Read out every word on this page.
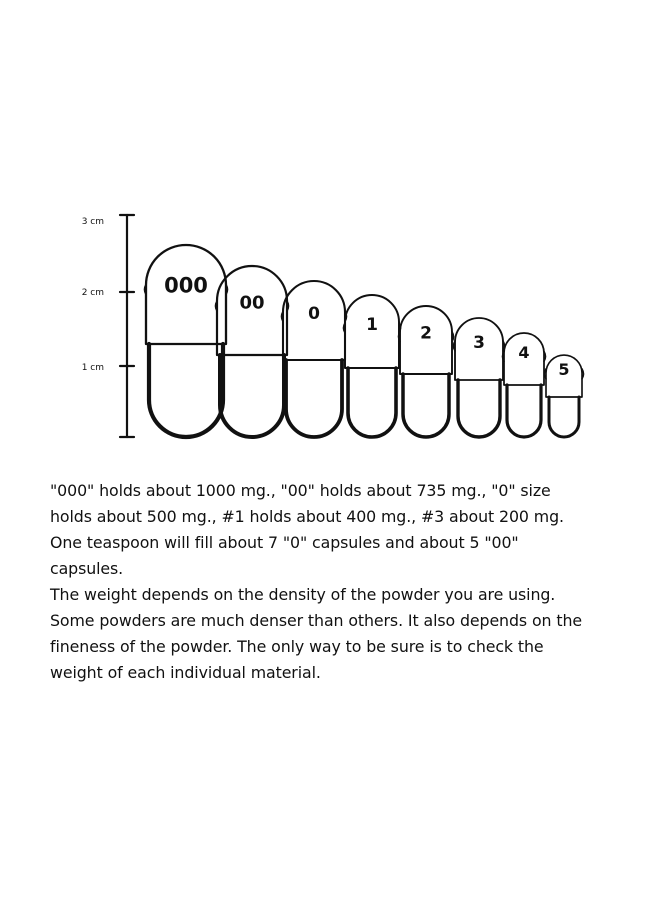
3 cm
2 cm
1 cm
000
00
0
1 2 3 4
5

"000" holds about 1000 mg., "00" holds about 735 mg., "0" size

holds about 500 mg., #1 holds about 400 mg., #3 about 200 mg.

One teaspoon will fill about 7 "0" capsules and about 5 "00"

capsules.

The weight depends on the density of the powder you are using.

Some powders are much denser than others. It also depends on the

fineness of the powder. The only way to be sure is to check the

weight of each individual material.
